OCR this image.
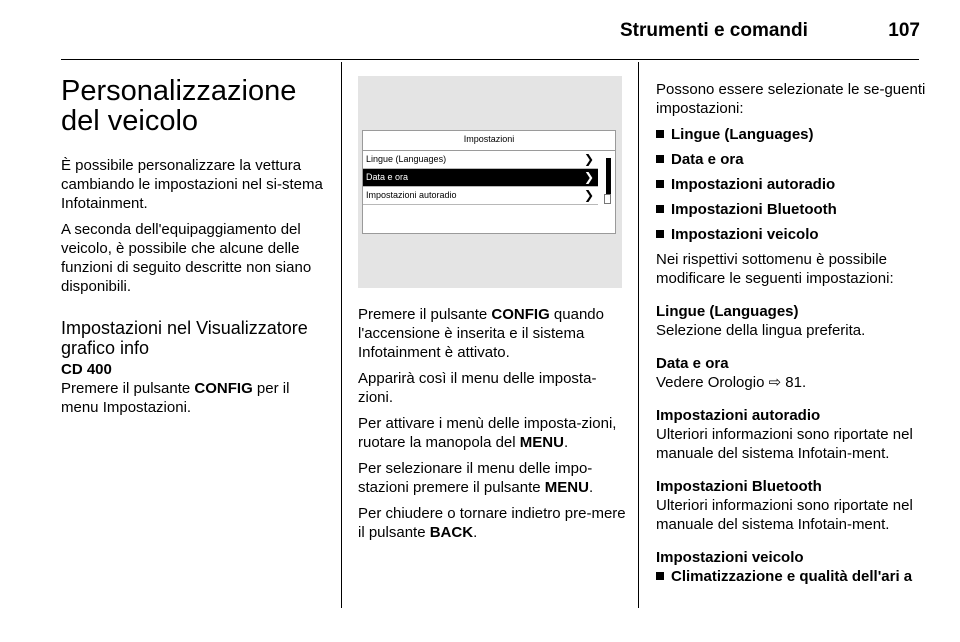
Strumenti e comandi	107
Personalizzazione del veicolo

È possibile personalizzare la vettura cambiando le impostazioni nel si-stema Infotainment.

A seconda dell'equipaggiamento del veicolo, è possibile che alcune delle funzioni di seguito descritte non siano disponibili.

Impostazioni nel Visualizzatore grafico info
CD 400

Premere il pulsante CONFIG per il menu Impostazioni.

Impostazioni
Lingue (Languages)	❯
Data e ora	❯
Impostazioni autoradio	❯

Premere il pulsante CONFIG quando l'accensione è inserita e il sistema Infotainment è attivato.

Apparirà così il menu delle imposta-zioni.

Per attivare i menù delle imposta-zioni, ruotare la manopola del MENU.

Per selezionare il menu delle impo-stazioni premere il pulsante MENU.

Per chiudere o tornare indietro pre-mere il pulsante BACK.

Possono essere selezionate le se-guenti impostazioni:

Lingue (Languages)
Data e ora
Impostazioni autoradio
Impostazioni Bluetooth
Impostazioni veicolo

Nei rispettivi sottomenu è possibile modificare le seguenti impostazioni:

Lingue (Languages)

Selezione della lingua preferita.

Data e ora

Vedere Orologio ⇨ 81.

Impostazioni autoradio

Ulteriori informazioni sono riportate nel manuale del sistema Infotain-ment.

Impostazioni Bluetooth

Ulteriori informazioni sono riportate nel manuale del sistema Infotain-ment.

Impostazioni veicolo
Climatizzazione e qualità dell'ari a
